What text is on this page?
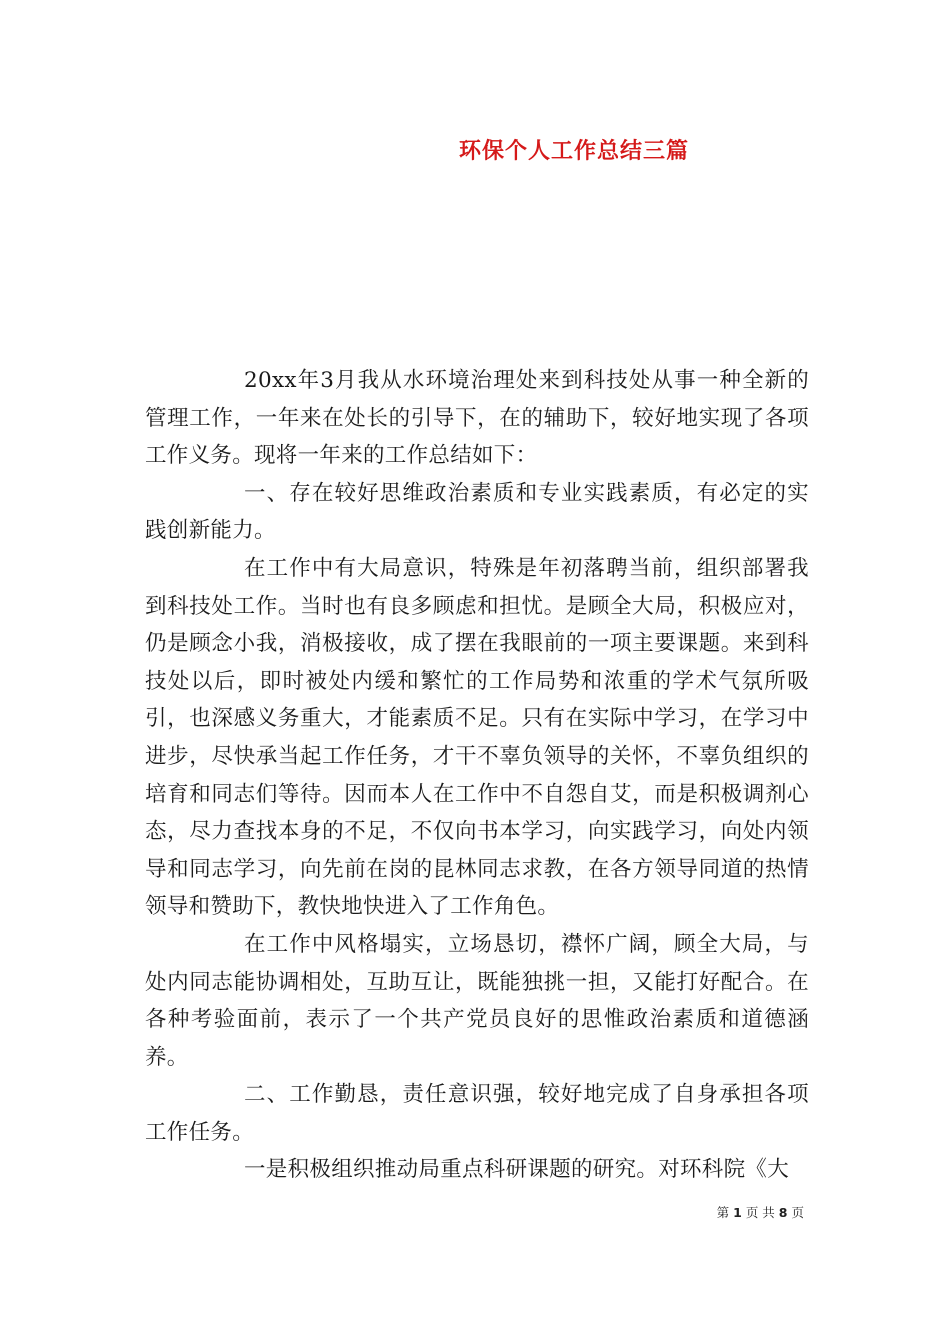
环保个人工作总结三篇

20xx年3月我从水环境治理处来到科技处从事一种全新的管理工作，一年来在处长的引导下，在的辅助下，较好地实现了各项工作义务。现将一年来的工作总结如下：

一、存在较好思维政治素质和专业实践素质，有必定的实践创新能力。

在工作中有大局意识，特殊是年初落聘当前，组织部署我到科技处工作。当时也有良多顾虑和担忧。是顾全大局，积极应对，仍是顾念小我，消极接收，成了摆在我眼前的一项主要课题。来到科技处以后，即时被处内缓和繁忙的工作局势和浓重的学术气氛所吸引，也深感义务重大，才能素质不足。只有在实际中学习，在学习中进步，尽快承当起工作任务，才干不辜负领导的关怀，不辜负组织的培育和同志们等待。因而本人在工作中不自怨自艾，而是积极调剂心态，尽力查找本身的不足，不仅向书本学习，向实践学习，向处内领导和同志学习，向先前在岗的昆林同志求教，在各方领导同道的热情领导和赞助下，教快地快进入了工作角色。

在工作中风格塌实，立场恳切，襟怀广阔，顾全大局，与处内同志能协调相处，互助互让，既能独挑一担，又能打好配合。在各种考验面前，表示了一个共产党员良好的思惟政治素质和道德涵养。

二、工作勤恳，责任意识强，较好地完成了自身承担各项工作任务。

一是积极组织推动局重点科研课题的研究。对环科院《大

第 1 页 共 8 页
